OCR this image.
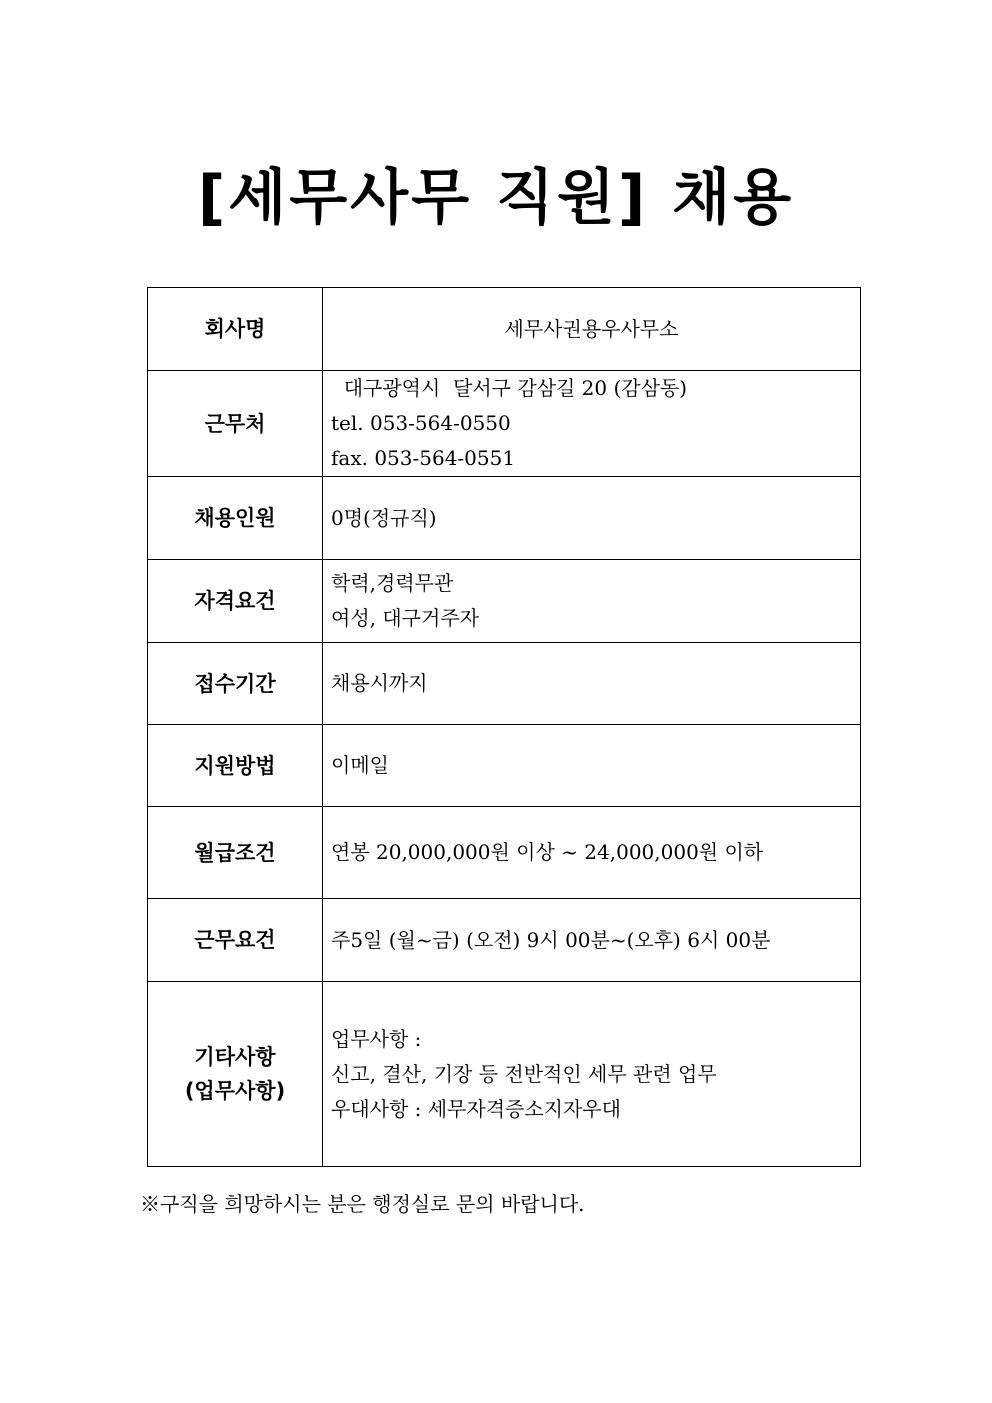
[세무사무 직원] 채용
회사명	세무사권용우사무소
근무처	대구광역시  달서구 감삼길 20 (감삼동)
tel. 053-564-0550
fax. 053-564-0551

채용인원	0명(정규직)
자격요건	학력,경력무관
여성, 대구거주자

접수기간	채용시까지
지원방법	이메일
월급조건	연봉 20,000,000원 이상 ~ 24,000,000원 이하
근무요건	주5일 (월~금) (오전) 9시 00분~(오후) 6시 00분

기타사항
(업무사항)	업무사항 :
신고, 결산, 기장 등 전반적인 세무 관련 업무
우대사항 : 세무자격증소지자우대
※구직을 희망하시는 분은 행정실로 문의 바랍니다.
